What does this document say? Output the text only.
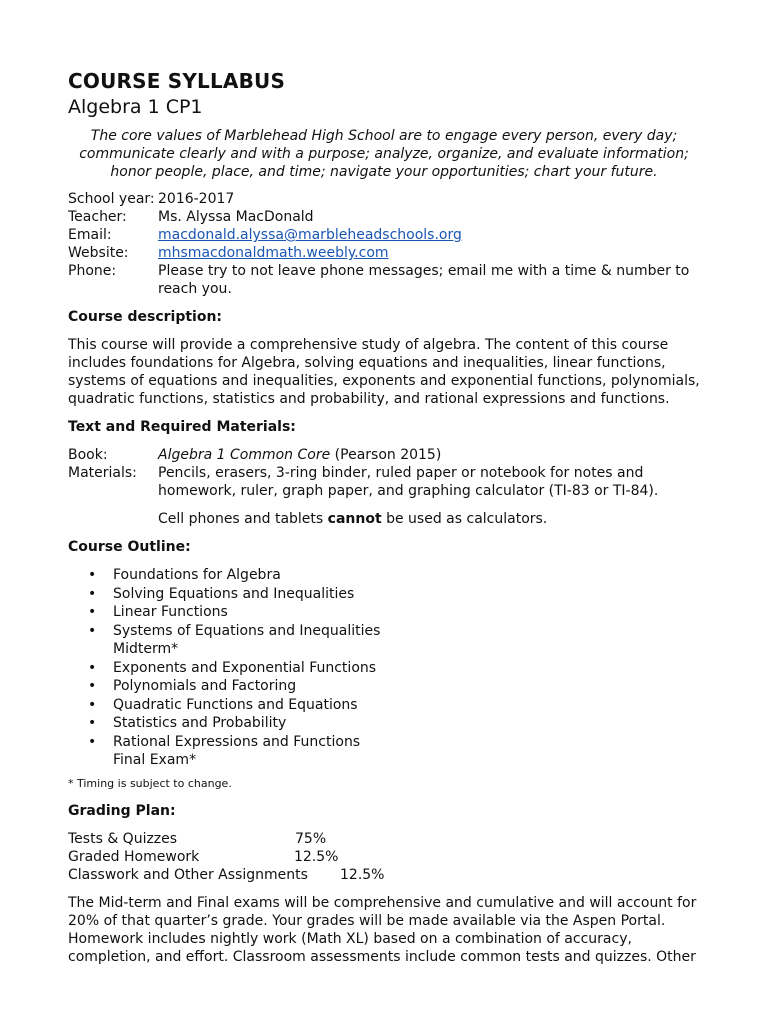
COURSE SYLLABUS
Algebra 1 CP1
The core values of Marblehead High School are to engage every person, every day; communicate clearly and with a purpose; analyze, organize, and evaluate information; honor people, place, and time; navigate your opportunities; chart your future.
School year: 2016-2017
Teacher:	Ms. Alyssa MacDonald
Email:	macdonald.alyssa@marbleheadschools.org
Website:	mhsmacdonaldmath.weebly.com
Phone:	Please try to not leave phone messages; email me with a time & number to reach you.
Course description:

This course will provide a comprehensive study of algebra. The content of this course includes foundations for Algebra, solving equations and inequalities, linear functions, systems of equations and inequalities, exponents and exponential functions, polynomials, quadratic functions, statistics and probability, and rational expressions and functions.

Text and Required Materials:
Book:	Algebra 1 Common Core (Pearson 2015)
Materials:	Pencils, erasers, 3-ring binder, ruled paper or notebook for notes and homework, ruler, graph paper, and graphing calculator (TI-83 or TI-84).
Cell phones and tablets cannot be used as calculators.
Course Outline:
• Foundations for Algebra
• Solving Equations and Inequalities
• Linear Functions
• Systems of Equations and Inequalities
Midterm*
• Exponents and Exponential Functions
• Polynomials and Factoring
• Quadratic Functions and Equations
• Statistics and Probability
• Rational Expressions and Functions
Final Exam*
* Timing is subject to change.
Grading Plan:
Tests & Quizzes	75%
Graded Homework	12.5%
Classwork and Other Assignments 12.5%

The Mid-term and Final exams will be comprehensive and cumulative and will account for 20% of that quarter’s grade. Your grades will be made available via the Aspen Portal. Homework includes nightly work (Math XL) based on a combination of accuracy, completion, and effort. Classroom assessments include common tests and quizzes. Other
